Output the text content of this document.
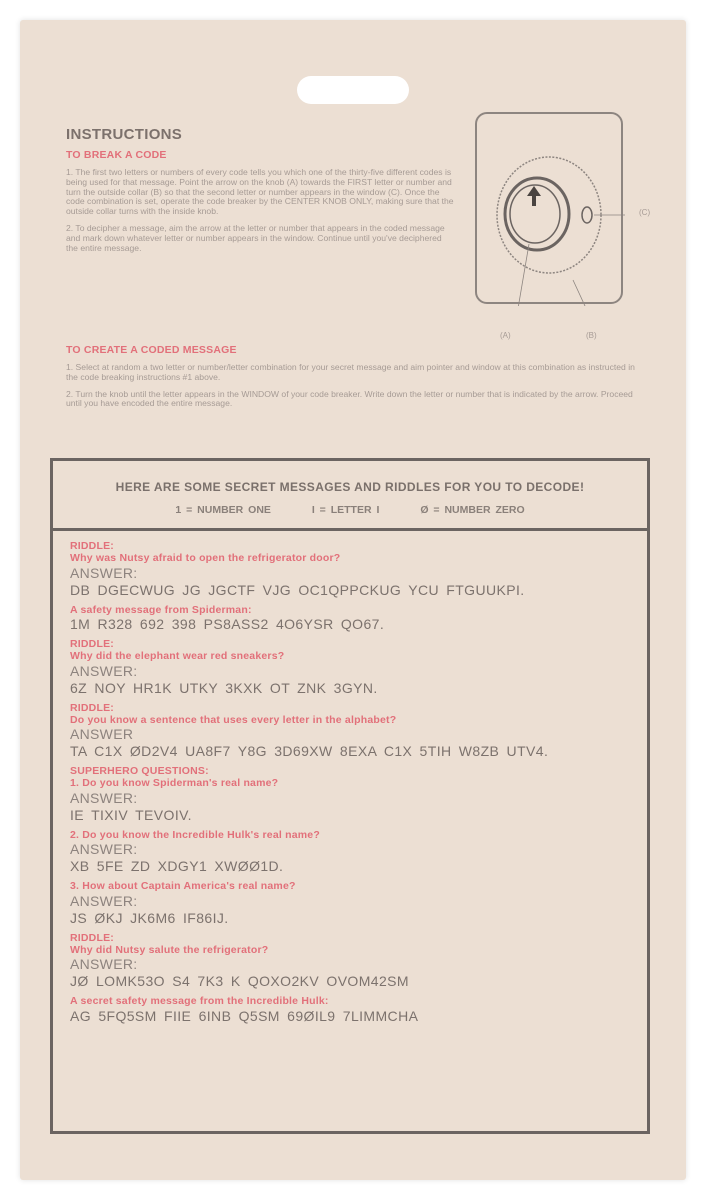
INSTRUCTIONS
TO BREAK A CODE
1. The first two letters or numbers of every code tells you which one of the thirty-five different codes is being used for that message. Point the arrow on the knob (A) towards the FIRST letter or number and turn the outside collar (B) so that the second letter or number appears in the window (C). Once the code combination is set, operate the code breaker by the CENTER KNOB ONLY, making sure that the outside collar turns with the inside knob.
2. To decipher a message, aim the arrow at the letter or number that appears in the coded message and mark down whatever letter or number appears in the window. Continue until you've deciphered the entire message.
(A)	(B)
(C)
TO CREATE A CODED MESSAGE
1. Select at random a two letter or number/letter combination for your secret message and aim pointer and window at this combination as instructed in the code breaking instructions #1 above.
2. Turn the knob until the letter appears in the WINDOW of your code breaker. Write down the letter or number that is indicated by the arrow. Proceed until you have encoded the entire message.
HERE ARE SOME SECRET MESSAGES AND RIDDLES FOR YOU TO DECODE!
1 = NUMBER ONE	I = LETTER I	Ø = NUMBER ZERO
RIDDLE:
Why was Nutsy afraid to open the refrigerator door?
ANSWER:
DB DGECWUG JG JGCTF VJG OC1QPPCKUG YCU FTGUUKPI.
A safety message from Spiderman:
1M R328 692 398 PS8ASS2 4O6YSR QO67.
RIDDLE:
Why did the elephant wear red sneakers?
ANSWER:
6Z NOY HR1K UTKY 3KXK OT ZNK 3GYN.
RIDDLE:
Do you know a sentence that uses every letter in the alphabet?
ANSWER
TA C1X ØD2V4 UA8F7 Y8G 3D69XW 8EXA C1X 5TIH W8ZB UTV4.
SUPERHERO QUESTIONS:
1. Do you know Spiderman's real name?
ANSWER:
IE TIXIV TEVOIV.
2. Do you know the Incredible Hulk's real name?
ANSWER:
XB 5FE ZD XDGY1 XWØØ1D.
3. How about Captain America's real name?
ANSWER:
JS ØKJ JK6M6 IF86IJ.
RIDDLE:
Why did Nutsy salute the refrigerator?
ANSWER:
JØ LOMK53O S4 7K3 K QOXO2KV OVOM42SM
A secret safety message from the Incredible Hulk:
AG 5FQ5SM FIIE 6INB Q5SM 69ØIL9 7LIMMCHA
